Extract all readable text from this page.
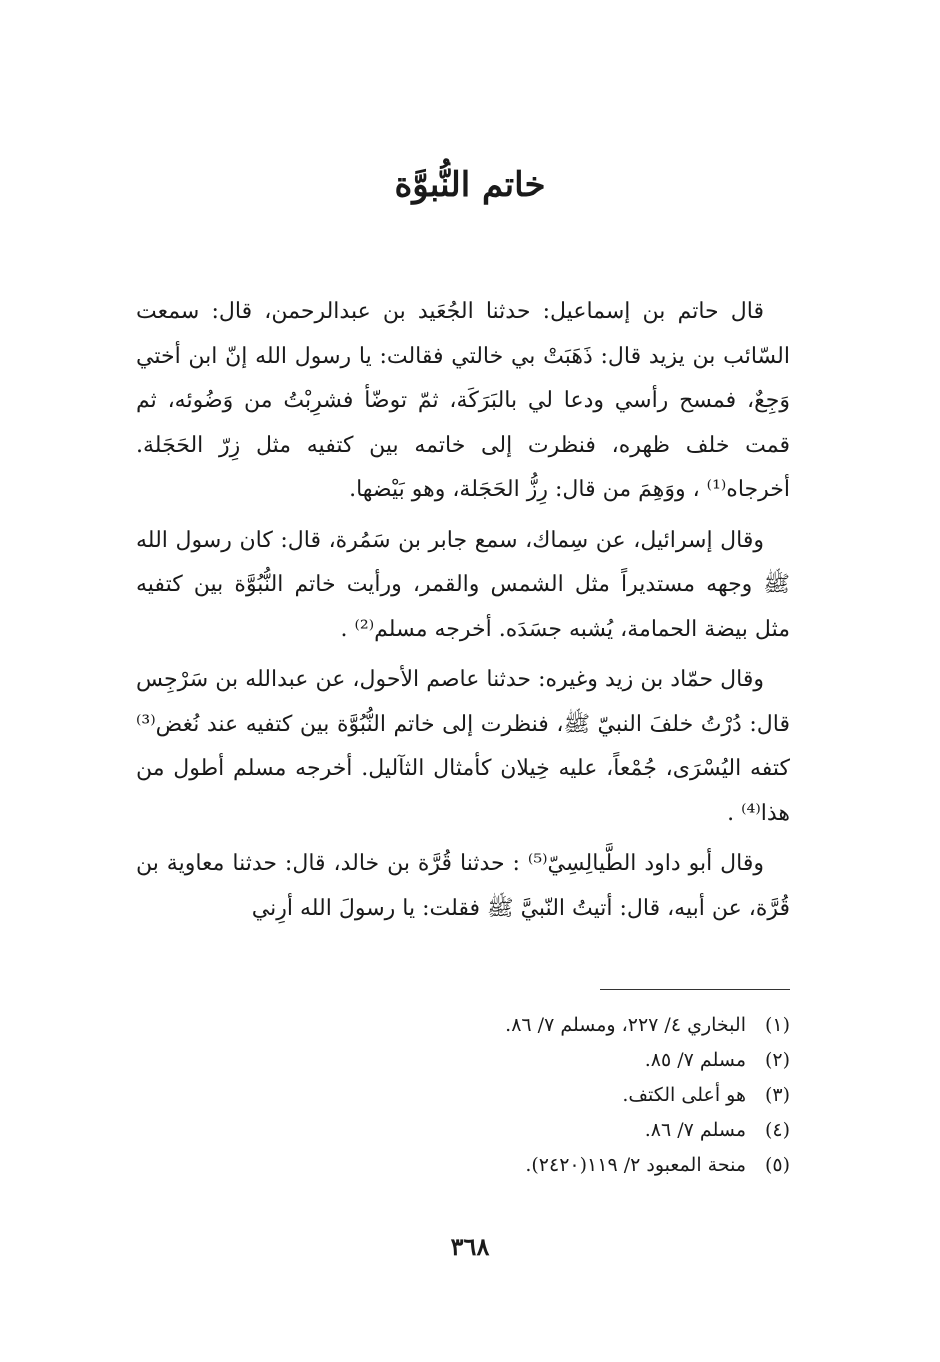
خاتم النُّبوَّة

قال حاتم بن إسماعيل: حدثنا الجُعَيد بن عبدالرحمن، قال: سمعت السّائب بن يزيد قال: ذَهَبَتْ بي خالتي فقالت: يا رسول الله إنّ ابن أختي وَجِعٌ، فمسح رأسي ودعا لي بالبَرَكَة، ثمّ توضّأ فشرِبْتُ من وَضُوئه، ثم قمت خلف ظهره، فنظرت إلى خاتمه بين كتفيه مثل زِرّ الحَجَلة. أخرجاه⁽¹⁾ ، ووَهِمَ من قال: رِزُّ الحَجَلة، وهو بَيْضها.

وقال إسرائيل، عن سِماك، سمع جابر بن سَمُرة، قال: كان رسول الله ﷺ وجهه مستديراً مثل الشمس والقمر، ورأيت خاتم النُّبُوَّة بين كتفيه مثل بيضة الحمامة، يُشبه جسَدَه. أخرجه مسلم⁽²⁾ .

وقال حمّاد بن زيد وغيره: حدثنا عاصم الأحول، عن عبدالله بن سَرْجِس قال: دُرْتُ خلفَ النبيّ ﷺ، فنظرت إلى خاتم النُّبُوَّة بين كتفيه عند نُغض⁽³⁾ كتفه اليُسْرَى، جُمْعاً، عليه خِيلان كأمثال الثآليل. أخرجه مسلم أطول من هذا⁽⁴⁾ .

وقال أبو داود الطَّيالِسِيّ⁽⁵⁾ : حدثنا قُرَّة بن خالد، قال: حدثنا معاوية بن قُرَّة، عن أبيه، قال: أتيتُ النّبيَّ ﷺ فقلت: يا رسولَ الله أرِني

(١)
البخاري ٤/ ٢٢٧، ومسلم ٧/ ٨٦.
(٢)
مسلم ٧/ ٨٥.
(٣)
هو أعلى الكتف.
(٤)
مسلم ٧/ ٨٦.
(٥)
منحة المعبود ٢/ ١١٩(٢٤٢٠).
٣٦٨
